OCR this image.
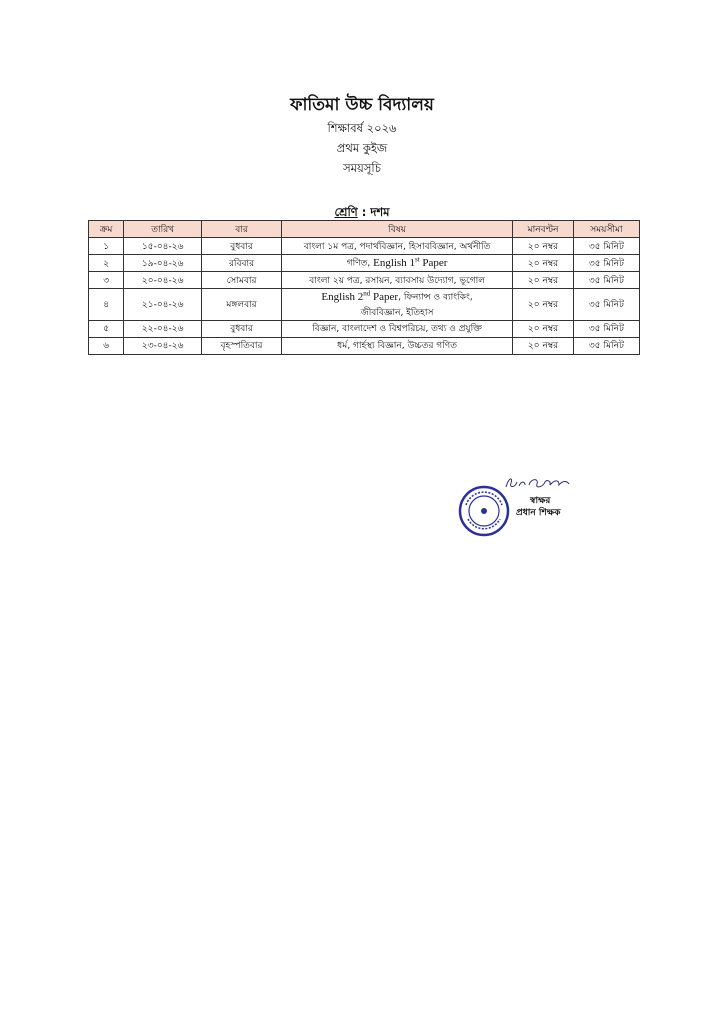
ফাতিমা উচ্চ বিদ্যালয়
শিক্ষাবর্ষ ২০২৬
প্রথম কুইজ
সময়সূচি
শ্রেণি : দশম
ক্রম	তারিখ	বার	বিষয়	মানবণ্টন	সময়সীমা
১	১৫-০৪-২৬	বুধবার	বাংলা ১ম পত্র, পদার্থবিজ্ঞান, হিসাববিজ্ঞান, অর্থনীতি	২০ নম্বর	৩৫ মিনিট
২	১৯-০৪-২৬	রবিবার	গণিত, English 1st Paper	২০ নম্বর	৩৫ মিনিট
৩	২০-০৪-২৬	সোমবার	বাংলা ২য় পত্র, রসায়ন, ব্যাবসায় উদ্যোগ, ভূগোল	২০ নম্বর	৩৫ মিনিট
৪	২১-০৪-২৬	মঙ্গলবার	English 2nd Paper, ফিন্যান্স ও ব্যাংকিং,
জীববিজ্ঞান, ইতিহাস	২০ নম্বর	৩৫ মিনিট
৫	২২-০৪-২৬	বুধবার	বিজ্ঞান, বাংলাদেশ ও বিশ্বপরিচয়, তথ্য ও প্রযুক্তি	২০ নম্বর	৩৫ মিনিট
৬	২৩-০৪-২৬	বৃহস্পতিবার	ধর্ম, গার্হস্থ্য বিজ্ঞান, উচ্চতর গণিত	২০ নম্বর	৩৫ মিনিট
স্বাক্ষর
প্রধান শিক্ষক
